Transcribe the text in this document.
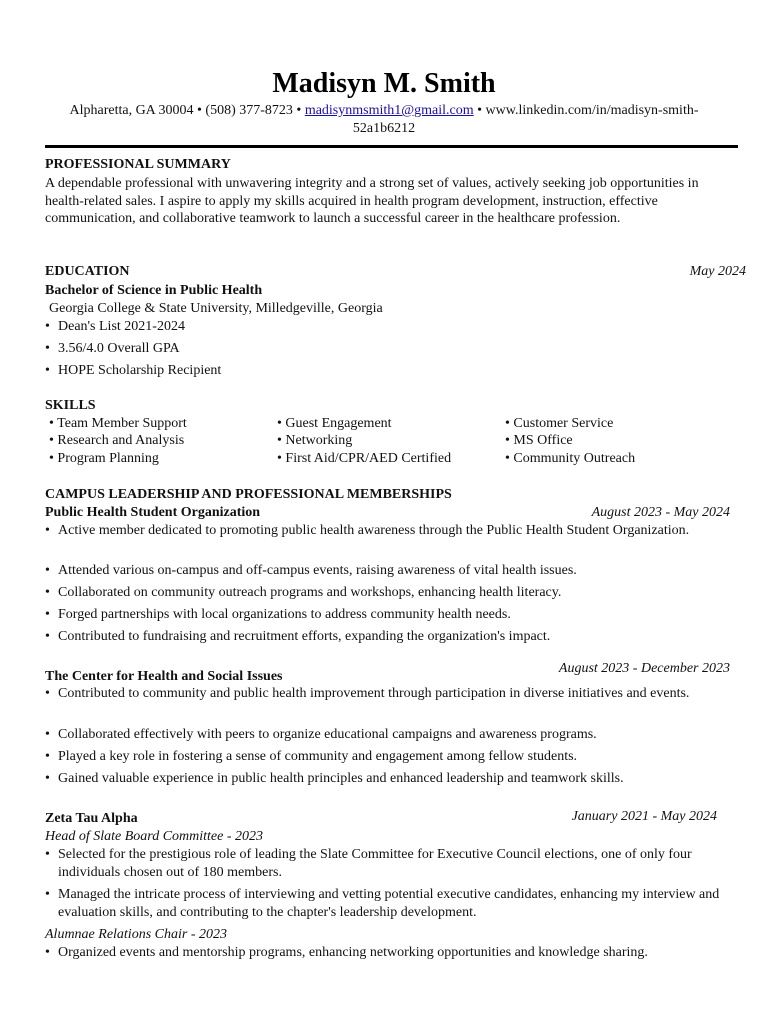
Madisyn M. Smith
Alpharetta, GA 30004 • (508) 377-8723 • madisynmsmith1@gmail.com • www.linkedin.com/in/madisyn-smith-52a1b6212
PROFESSIONAL SUMMARY
A dependable professional with unwavering integrity and a strong set of values, actively seeking job opportunities in health-related sales. I aspire to apply my skills acquired in health program development, instruction, effective communication, and collaborative teamwork to launch a successful career in the healthcare profession.
EDUCATION	May 2024
Bachelor of Science in Public Health
Georgia College & State University, Milledgeville, Georgia
• Dean's List 2021-2024
• 3.56/4.0 Overall GPA
• HOPE Scholarship Recipient
SKILLS
• Team Member Support	• Guest Engagement	• Customer Service
• Research and Analysis	• Networking	• MS Office
• Program Planning	• First Aid/CPR/AED Certified	• Community Outreach
CAMPUS LEADERSHIP AND PROFESSIONAL MEMBERSHIPS
Public Health Student Organization	August 2023 - May 2024
• Active member dedicated to promoting public health awareness through the Public Health Student Organization.
• Attended various on-campus and off-campus events, raising awareness of vital health issues.
• Collaborated on community outreach programs and workshops, enhancing health literacy.
• Forged partnerships with local organizations to address community health needs.
• Contributed to fundraising and recruitment efforts, expanding the organization's impact.
August 2023 - December 2023
The Center for Health and Social Issues
• Contributed to community and public health improvement through participation in diverse initiatives and events.
• Collaborated effectively with peers to organize educational campaigns and awareness programs.
• Played a key role in fostering a sense of community and engagement among fellow students.
• Gained valuable experience in public health principles and enhanced leadership and teamwork skills.
Zeta Tau Alpha	January 2021 - May 2024
Head of Slate Board Committee - 2023
• Selected for the prestigious role of leading the Slate Committee for Executive Council elections, one of only four individuals chosen out of 180 members.
• Managed the intricate process of interviewing and vetting potential executive candidates, enhancing my interview and evaluation skills, and contributing to the chapter's leadership development.
Alumnae Relations Chair - 2023
• Organized events and mentorship programs, enhancing networking opportunities and knowledge sharing.
